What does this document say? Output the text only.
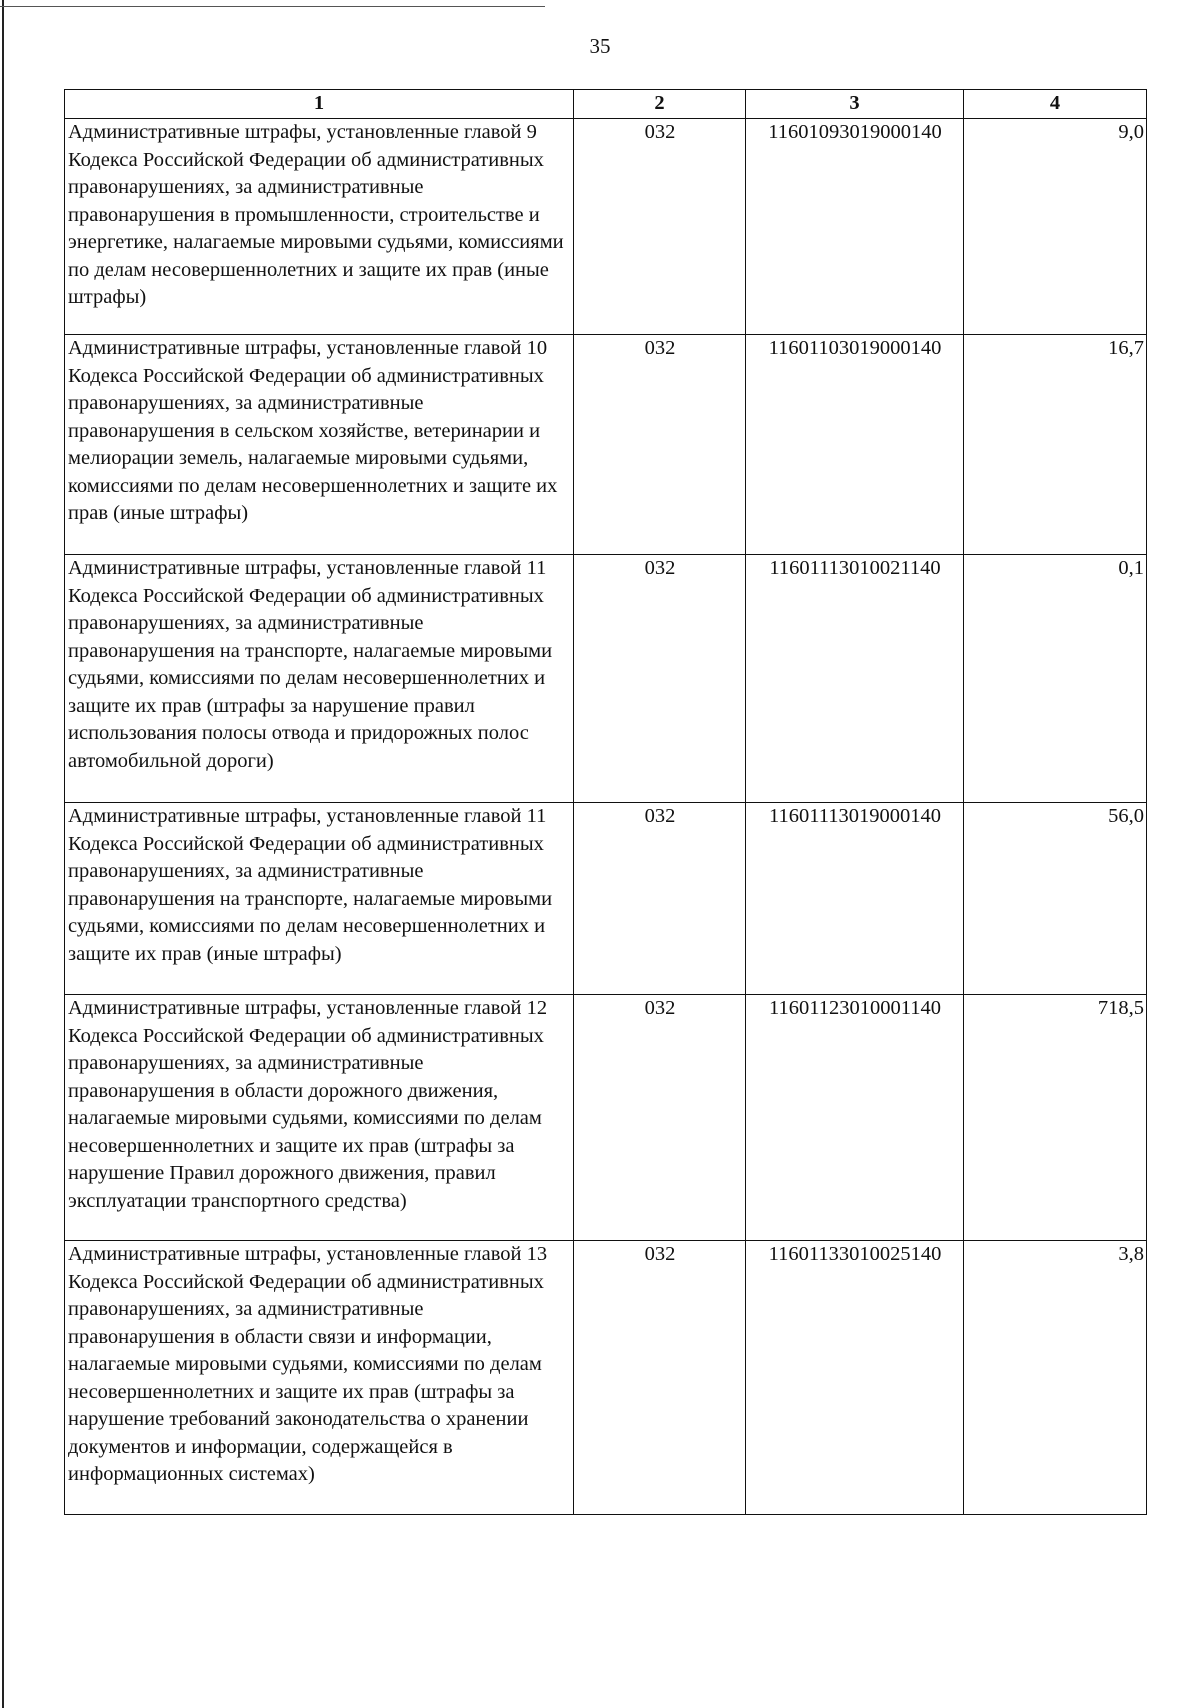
35
1	2	3	4
Административные штрафы, установленные главой 9 Кодекса Российской Федерации об административных правонарушениях, за административные правонарушения в промышленности, строительстве и энергетике, налагаемые мировыми судьями, комиссиями по делам несовершеннолетних и защите их прав (иные штрафы)	032	11601093019000140	9,0
Административные штрафы, установленные главой 10 Кодекса Российской Федерации об административных правонарушениях, за административные правонарушения в сельском хозяйстве, ветеринарии и мелиорации земель, налагаемые мировыми судьями, комиссиями по делам несовершеннолетних и защите их прав (иные штрафы)	032	11601103019000140	16,7
Административные штрафы, установленные главой 11 Кодекса Российской Федерации об административных правонарушениях, за административные правонарушения на транспорте, налагаемые мировыми судьями, комиссиями по делам несовершеннолетних и защите их прав (штрафы за нарушение правил использования полосы отвода и придорожных полос автомобильной дороги)	032	11601113010021140	0,1
Административные штрафы, установленные главой 11 Кодекса Российской Федерации об административных правонарушениях, за административные правонарушения на транспорте, налагаемые мировыми судьями, комиссиями по делам несовершеннолетних и защите их прав (иные штрафы)	032	11601113019000140	56,0
Административные штрафы, установленные главой 12 Кодекса Российской Федерации об административных правонарушениях, за административные правонарушения в области дорожного движения, налагаемые мировыми судьями, комиссиями по делам несовершеннолетних и защите их прав (штрафы за нарушение Правил дорожного движения, правил эксплуатации транспортного средства)	032	11601123010001140	718,5
Административные штрафы, установленные главой 13 Кодекса Российской Федерации об административных правонарушениях, за административные правонарушения в области связи и информации, налагаемые мировыми судьями, комиссиями по делам несовершеннолетних и защите их прав (штрафы за нарушение требований законодательства о хранении документов и информации, содержащейся в информационных системах)	032	11601133010025140	3,8
